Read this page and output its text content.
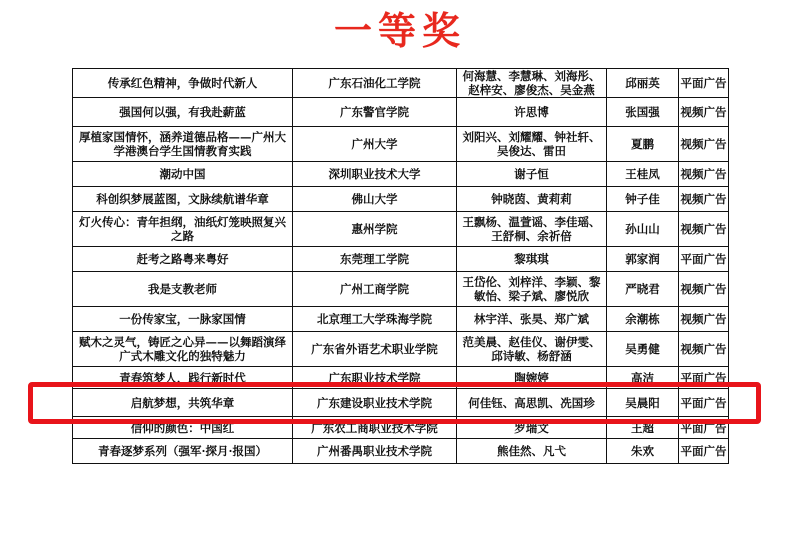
一等奖
传承红色精神，争做时代新人	广东石油化工学院	何海慧、李慧琳、刘海彤、赵梓安、廖俊杰、吴金燕	邱丽英	平面广告
强国何以强，有我赴薪蓝	广东警官学院	许思博	张国强	视频广告
厚植家国情怀，涵养道德品格——广州大学港澳台学生国情教育实践	广州大学	刘阳兴、刘耀耀、钟社轩、吴俊达、雷田	夏鹏	视频广告
潮动中国	深圳职业技术大学	谢子恒	王桂凤	视频广告
科创织梦展蓝图，文脉续航谱华章	佛山大学	钟晓茵、黄莉莉	钟子佳	视频广告
灯火传心：青年担纲，油纸灯笼映照复兴之路	惠州学院	王飘杨、温萱谣、李佳瑶、王舒桐、余祈倍	孙山山	视频广告
赶考之路粤来粤好	东莞理工学院	黎琪琪	郭家润	平面广告
我是支教老师	广州工商学院	王岱伦、刘梓洋、李颖、黎敏怡、梁子斌、廖悦欣	严晓君	视频广告
一份传家宝，一脉家国情	北京理工大学珠海学院	林宇洋、张昊、郑广斌	余潮栋	视频广告
赋木之灵气，铸匠之心异——以舞蹈演绎广式木雕文化的独特魅力	广东省外语艺术职业学院	范美晨、赵佳仪、谢伊雯、邱诗敏、杨舒涵	吴勇健	视频广告
青春筑梦人，践行新时代	广东职业技术学院	陶婉婷	高洁	平面广告
启航梦想，共筑华章	广东建设职业技术学院	何佳钰、高思凯、冼国珍	吴晨阳	平面广告
信仰的颜色：中国红	广东农工商职业技术学院	罗瑞文	王超	平面广告
青春逐梦系列（强军·探月·报国）	广州番禺职业技术学院	熊佳然、凡弋	朱欢	平面广告
